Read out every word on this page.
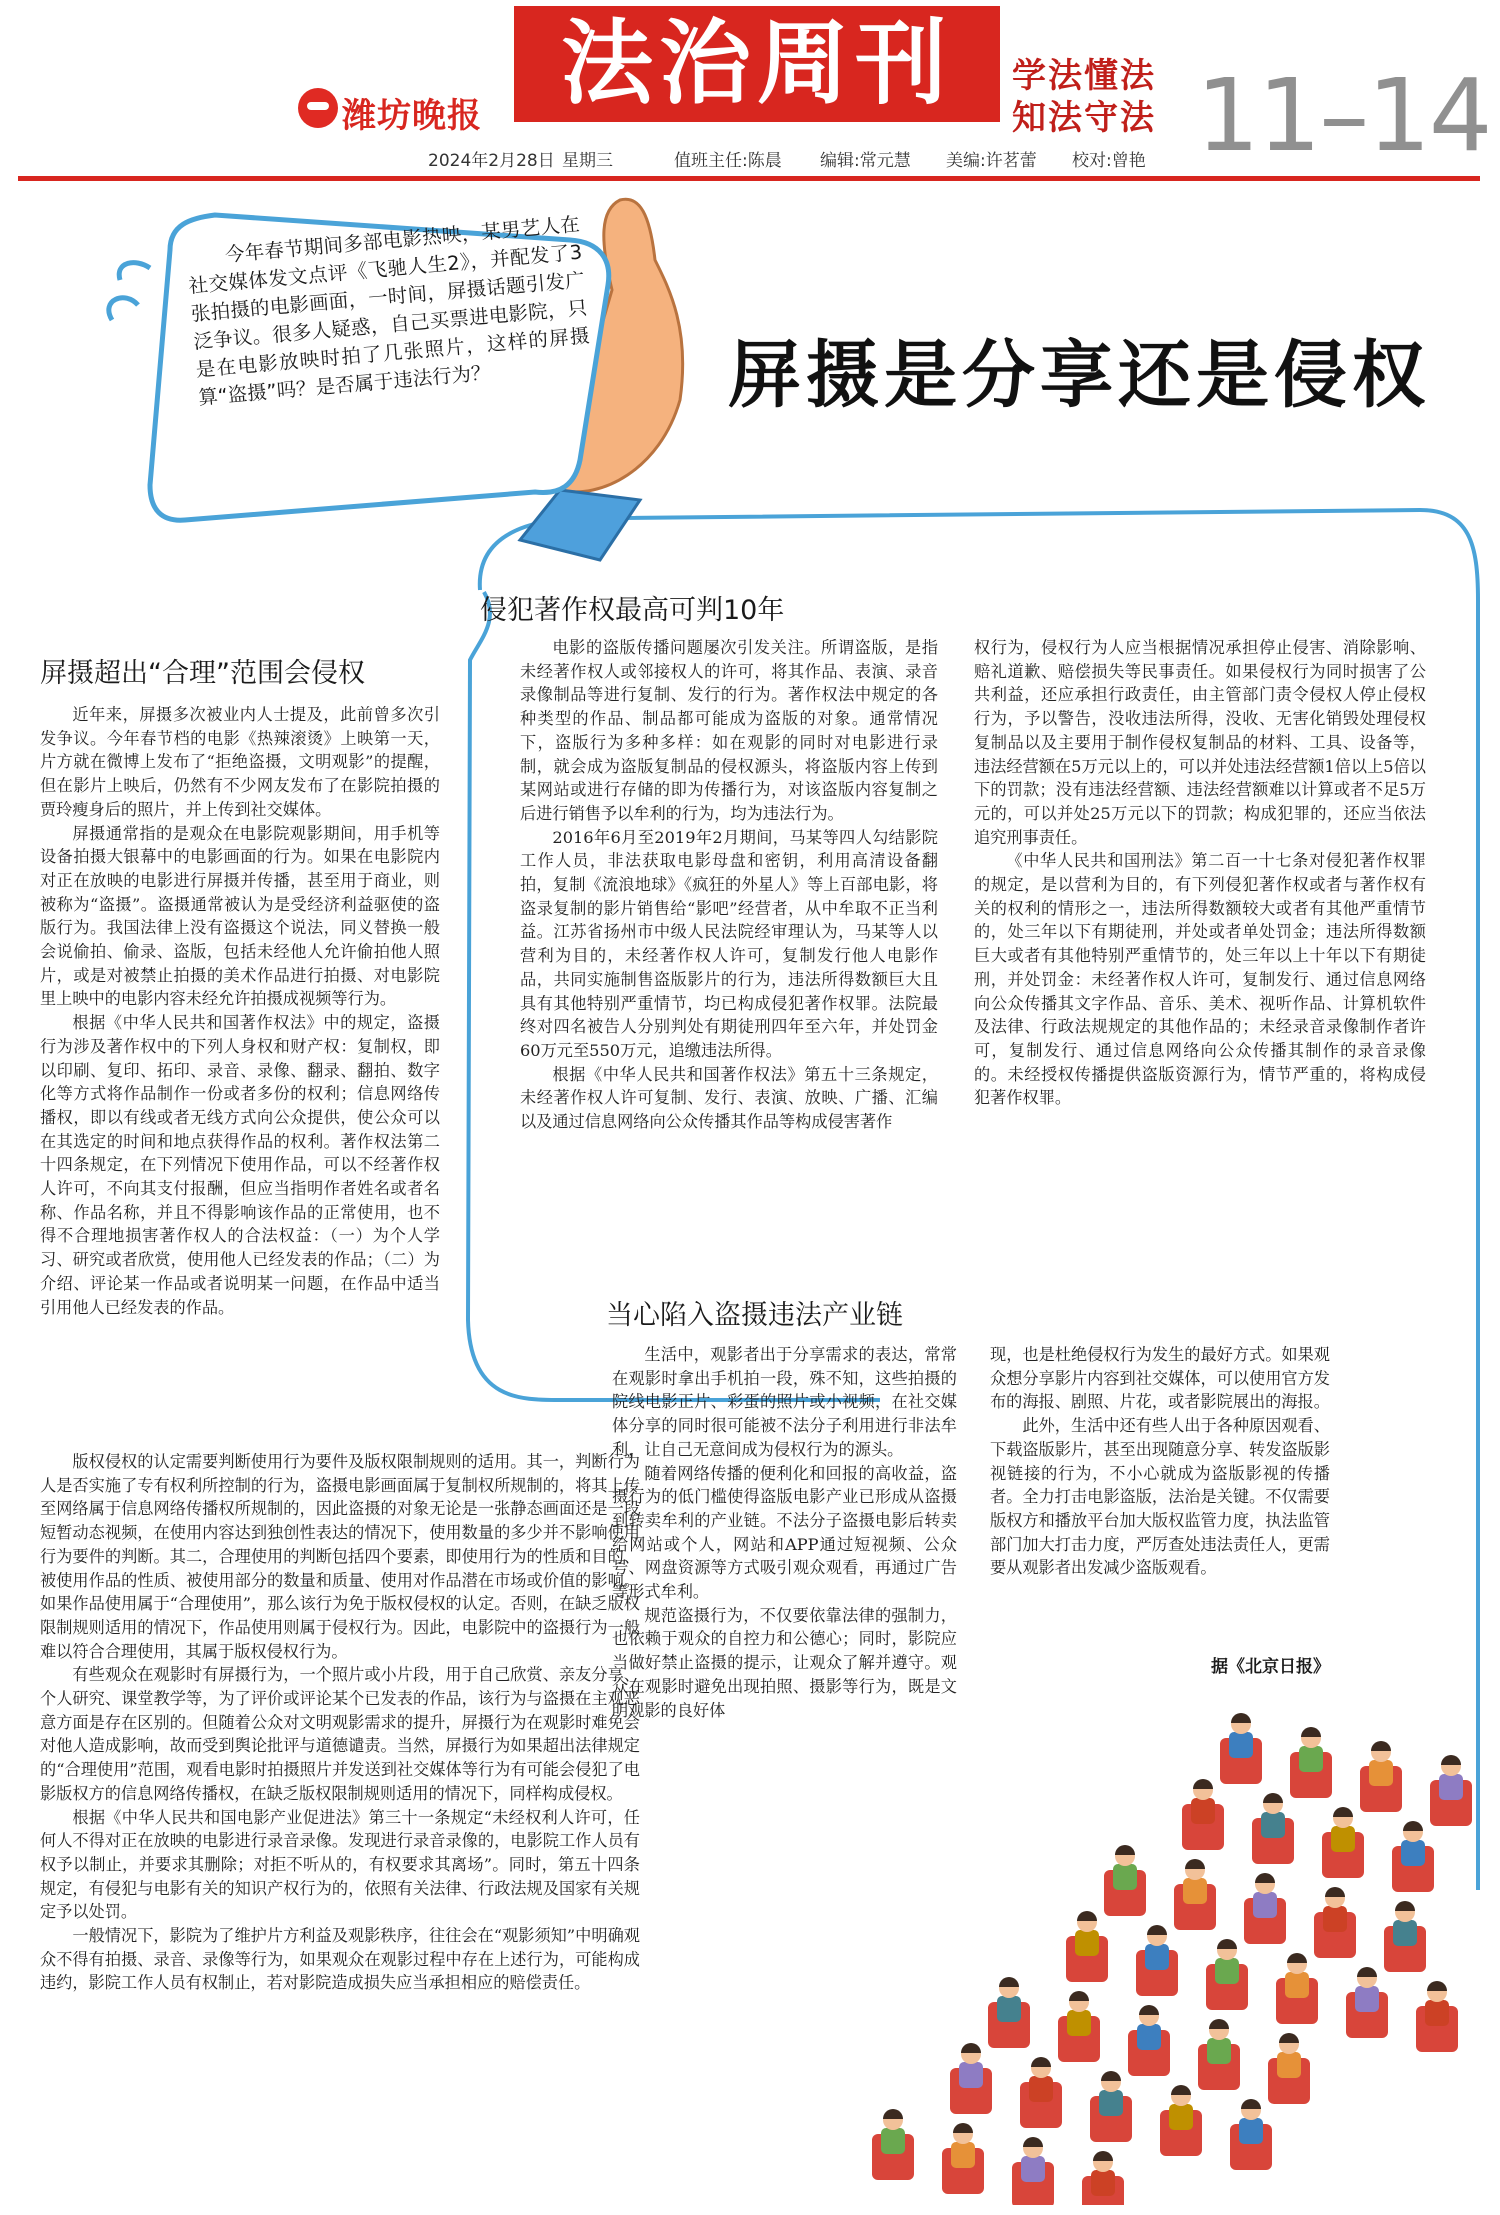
潍坊晚报 法治周刊	学法懂法
知法守法 11–14
2024年2月28日 星期三	值班主任:陈晨 编辑:常元慧 美编:许茗蕾 校对:曾艳
今年春节期间多部电影热映，某男艺人在社交媒体发文点评《飞驰人生2》，并配发了3张拍摄的电影画面，一时间，屏摄话题引发广泛争议。很多人疑惑，自己买票进电影院，只是在电影放映时拍了几张照片，这样的屏摄算“盗摄”吗？是否属于违法行为？	屏摄是分享还是侵权
屏摄超出“合理”范围会侵权

近年来，屏摄多次被业内人士提及，此前曾多次引发争议。今年春节档的电影《热辣滚烫》上映第一天，片方就在微博上发布了“拒绝盗摄，文明观影”的提醒，但在影片上映后，仍然有不少网友发布了在影院拍摄的贾玲瘦身后的照片，并上传到社交媒体。

屏摄通常指的是观众在电影院观影期间，用手机等设备拍摄大银幕中的电影画面的行为。如果在电影院内对正在放映的电影进行屏摄并传播，甚至用于商业，则被称为“盗摄”。盗摄通常被认为是受经济利益驱使的盗版行为。我国法律上没有盗摄这个说法，同义替换一般会说偷拍、偷录、盗版，包括未经他人允许偷拍他人照片，或是对被禁止拍摄的美术作品进行拍摄、对电影院里上映中的电影内容未经允许拍摄成视频等行为。

根据《中华人民共和国著作权法》中的规定，盗摄行为涉及著作权中的下列人身权和财产权：复制权，即以印刷、复印、拓印、录音、录像、翻录、翻拍、数字化等方式将作品制作一份或者多份的权利；信息网络传播权，即以有线或者无线方式向公众提供，使公众可以在其选定的时间和地点获得作品的权利。著作权法第二十四条规定，在下列情况下使用作品，可以不经著作权人许可，不向其支付报酬，但应当指明作者姓名或者名称、作品名称，并且不得影响该作品的正常使用，也不得不合理地损害著作权人的合法权益：（一）为个人学习、研究或者欣赏，使用他人已经发表的作品；（二）为介绍、评论某一作品或者说明某一问题，在作品中适当引用他人已经发表的作品。

版权侵权的认定需要判断使用行为要件及版权限制规则的适用。其一，判断行为人是否实施了专有权利所控制的行为，盗摄电影画面属于复制权所规制的，将其上传至网络属于信息网络传播权所规制的，因此盗摄的对象无论是一张静态画面还是一段短暂动态视频，在使用内容达到独创性表达的情况下，使用数量的多少并不影响使用行为要件的判断。其二，合理使用的判断包括四个要素，即使用行为的性质和目的、被使用作品的性质、被使用部分的数量和质量、使用对作品潜在市场或价值的影响。如果作品使用属于“合理使用”，那么该行为免于版权侵权的认定。否则，在缺乏版权限制规则适用的情况下，作品使用则属于侵权行为。因此，电影院中的盗摄行为一般难以符合合理使用，其属于版权侵权行为。

有些观众在观影时有屏摄行为，一个照片或小片段，用于自己欣赏、亲友分享、个人研究、课堂教学等，为了评价或评论某个已发表的作品，该行为与盗摄在主观恶意方面是存在区别的。但随着公众对文明观影需求的提升，屏摄行为在观影时难免会对他人造成影响，故而受到舆论批评与道德谴责。当然，屏摄行为如果超出法律规定的“合理使用”范围，观看电影时拍摄照片并发送到社交媒体等行为有可能会侵犯了电影版权方的信息网络传播权，在缺乏版权限制规则适用的情况下，同样构成侵权。

根据《中华人民共和国电影产业促进法》第三十一条规定“未经权利人许可，任何人不得对正在放映的电影进行录音录像。发现进行录音录像的，电影院工作人员有权予以制止，并要求其删除；对拒不听从的，有权要求其离场”。同时，第五十四条规定，有侵犯与电影有关的知识产权行为的，依照有关法律、行政法规及国家有关规定予以处罚。

一般情况下，影院为了维护片方利益及观影秩序，往往会在“观影须知”中明确观众不得有拍摄、录音、录像等行为，如果观众在观影过程中存在上述行为，可能构成违约，影院工作人员有权制止，若对影院造成损失应当承担相应的赔偿责任。

侵犯著作权最高可判10年

电影的盗版传播问题屡次引发关注。所谓盗版，是指未经著作权人或邻接权人的许可，将其作品、表演、录音录像制品等进行复制、发行的行为。著作权法中规定的各种类型的作品、制品都可能成为盗版的对象。通常情况下，盗版行为多种多样：如在观影的同时对电影进行录制，就会成为盗版复制品的侵权源头，将盗版内容上传到某网站或进行存储的即为传播行为，对该盗版内容复制之后进行销售予以牟利的行为，均为违法行为。

2016年6月至2019年2月期间，马某等四人勾结影院工作人员，非法获取电影母盘和密钥，利用高清设备翻拍，复制《流浪地球》《疯狂的外星人》等上百部电影，将盗录复制的影片销售给“影吧”经营者，从中牟取不正当利益。江苏省扬州市中级人民法院经审理认为，马某等人以营利为目的，未经著作权人许可，复制发行他人电影作品，共同实施制售盗版影片的行为，违法所得数额巨大且具有其他特别严重情节，均已构成侵犯著作权罪。法院最终对四名被告人分别判处有期徒刑四年至六年，并处罚金60万元至550万元，追缴违法所得。

根据《中华人民共和国著作权法》第五十三条规定，未经著作权人许可复制、发行、表演、放映、广播、汇编以及通过信息网络向公众传播其作品等构成侵害著作

权行为，侵权行为人应当根据情况承担停止侵害、消除影响、赔礼道歉、赔偿损失等民事责任。如果侵权行为同时损害了公共利益，还应承担行政责任，由主管部门责令侵权人停止侵权行为，予以警告，没收违法所得，没收、无害化销毁处理侵权复制品以及主要用于制作侵权复制品的材料、工具、设备等，违法经营额在5万元以上的，可以并处违法经营额1倍以上5倍以下的罚款；没有违法经营额、违法经营额难以计算或者不足5万元的，可以并处25万元以下的罚款；构成犯罪的，还应当依法追究刑事责任。

《中华人民共和国刑法》第二百一十七条对侵犯著作权罪的规定，是以营利为目的，有下列侵犯著作权或者与著作权有关的权利的情形之一，违法所得数额较大或者有其他严重情节的，处三年以下有期徒刑，并处或者单处罚金；违法所得数额巨大或者有其他特别严重情节的，处三年以上十年以下有期徒刑，并处罚金：未经著作权人许可，复制发行、通过信息网络向公众传播其文字作品、音乐、美术、视听作品、计算机软件及法律、行政法规规定的其他作品的；未经录音录像制作者许可，复制发行、通过信息网络向公众传播其制作的录音录像的。未经授权传播提供盗版资源行为，情节严重的，将构成侵犯著作权罪。

当心陷入盗摄违法产业链

生活中，观影者出于分享需求的表达，常常在观影时拿出手机拍一段，殊不知，这些拍摄的院线电影正片、彩蛋的照片或小视频，在社交媒体分享的同时很可能被不法分子利用进行非法牟利，让自己无意间成为侵权行为的源头。

随着网络传播的便利化和回报的高收益，盗摄行为的低门槛使得盗版电影产业已形成从盗摄到转卖牟利的产业链。不法分子盗摄电影后转卖给网站或个人，网站和APP通过短视频、公众号、网盘资源等方式吸引观众观看，再通过广告等形式牟利。

规范盗摄行为，不仅要依靠法律的强制力，也依赖于观众的自控力和公德心；同时，影院应当做好禁止盗摄的提示，让观众了解并遵守。观众在观影时避免出现拍照、摄影等行为，既是文明观影的良好体

现，也是杜绝侵权行为发生的最好方式。如果观众想分享影片内容到社交媒体，可以使用官方发布的海报、剧照、片花，或者影院展出的海报。

此外，生活中还有些人出于各种原因观看、下载盗版影片，甚至出现随意分享、转发盗版影视链接的行为，不小心就成为盗版影视的传播者。全力打击电影盗版，法治是关键。不仅需要版权方和播放平台加大版权监管力度，执法监管部门加大打击力度，严厉查处违法责任人，更需要从观影者出发减少盗版观看。

据《北京日报》
